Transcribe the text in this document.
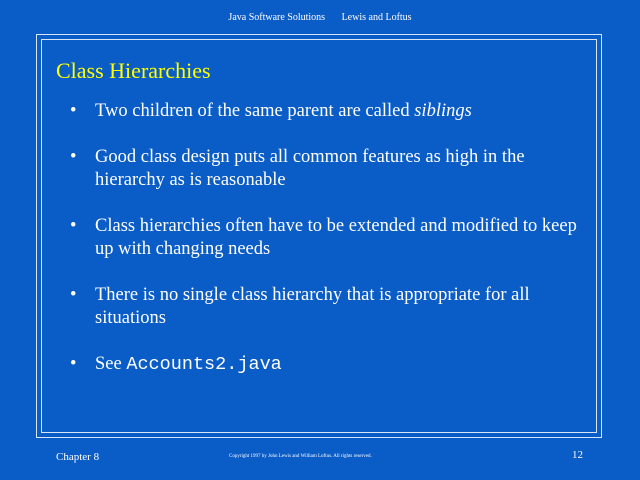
Java Software Solutions Lewis and Loftus
Class Hierarchies
• Two children of the same parent are called siblings
• Good class design puts all common features as high in the hierarchy as is reasonable
• Class hierarchies often have to be extended and modified to keep up with changing needs
• There is no single class hierarchy that is appropriate for all situations
• See Accounts2.java
Chapter 8	Copyright 1997 by John Lewis and William Loftus. All rights reserved.	12
